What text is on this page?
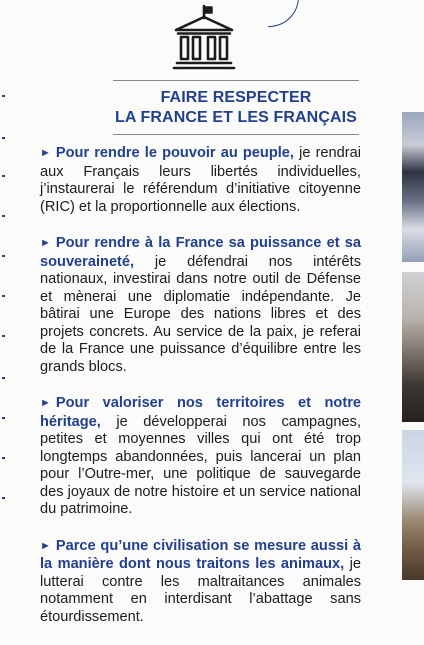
FAIRE RESPECTER
LA FRANCE ET LES FRANÇAIS

► Pour rendre le pouvoir au peuple, je rendrai aux Français leurs libertés individuelles, j’instaurerai le référendum d’initiative citoyenne (RIC) et la proportionnelle aux élections.

► Pour rendre à la France sa puissance et sa souveraineté, je défendrai nos intérêts nationaux, investirai dans notre outil de Défense et mènerai une diplomatie indépendante. Je bâtirai une Europe des nations libres et des projets concrets. Au service de la paix, je referai de la France une puissance d’équilibre entre les grands blocs.

► Pour valoriser nos territoires et notre héritage, je développerai nos campagnes, petites et moyennes villes qui ont été trop longtemps abandonnées, puis lancerai un plan pour l’Outre-mer, une politique de sauvegarde des joyaux de notre histoire et un service national du patrimoine.

► Parce qu’une civilisation se mesure aussi à la manière dont nous traitons les animaux, je lutterai contre les maltraitances animales notamment en interdisant l’abattage sans étourdissement.
